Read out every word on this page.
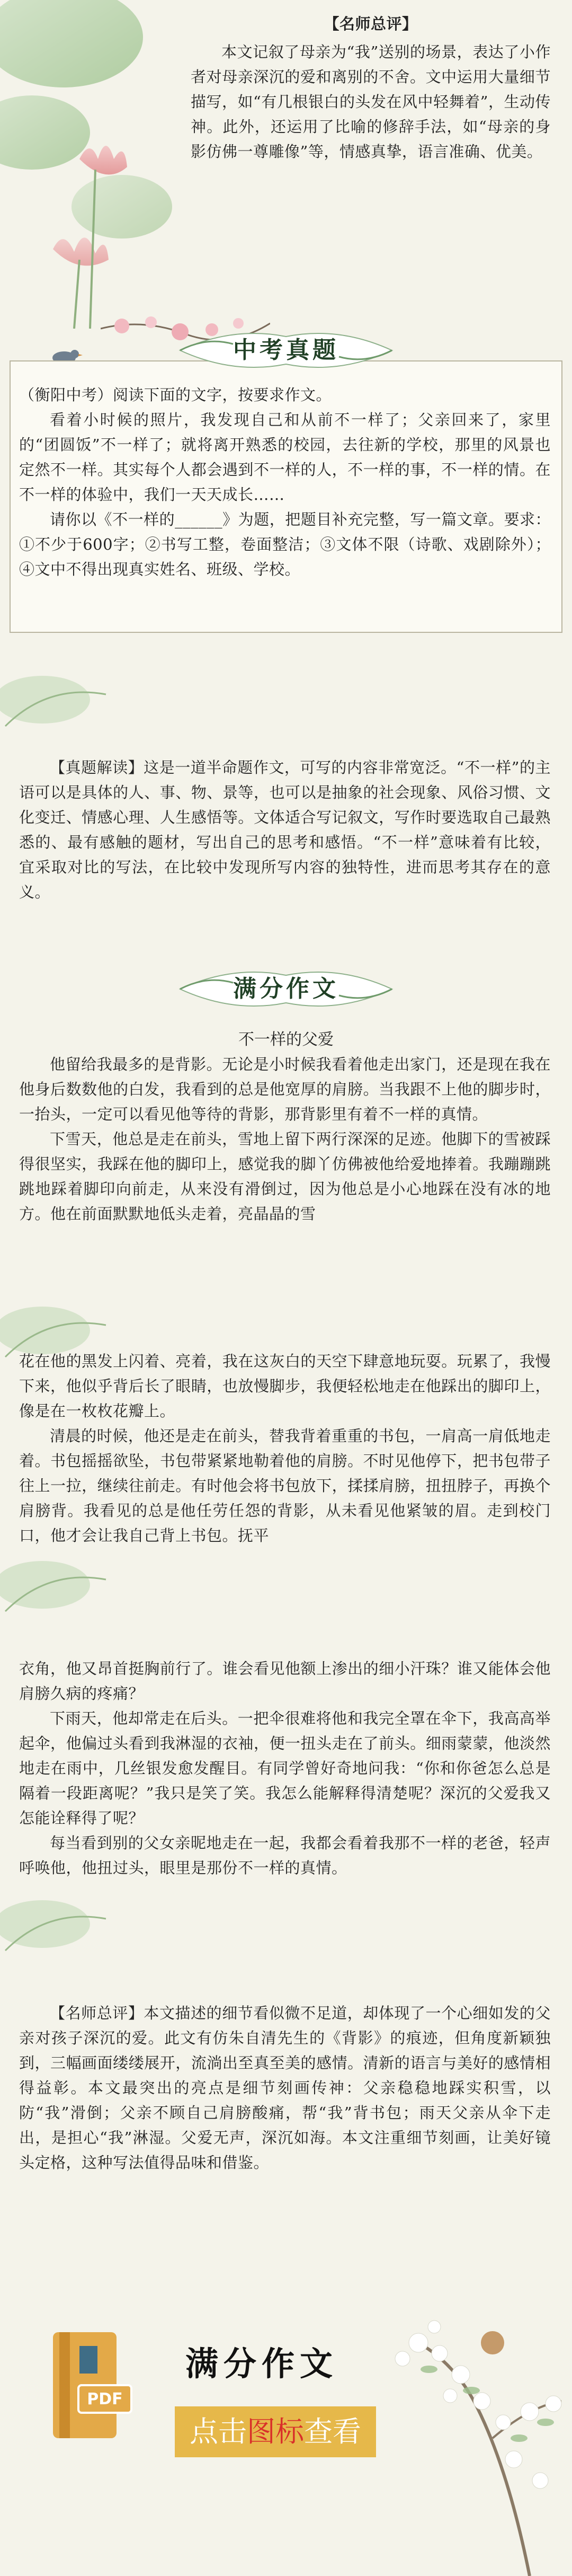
【名师总评】

本文记叙了母亲为“我”送别的场景，表达了小作者对母亲深沉的爱和离别的不舍。文中运用大量细节描写，如“有几根银白的头发在风中轻舞着”，生动传神。此外，还运用了比喻的修辞手法，如“母亲的身影仿佛一尊雕像”等，情感真挚，语言准确、优美。

中考真题

（衡阳中考）阅读下面的文字，按要求作文。

看着小时候的照片，我发现自己和从前不一样了；父亲回来了，家里的“团圆饭”不一样了；就将离开熟悉的校园，去往新的学校，那里的风景也定然不一样。其实每个人都会遇到不一样的人，不一样的事，不一样的情。在不一样的体验中，我们一天天成长……

请你以《不一样的______》为题，把题目补充完整，写一篇文章。要求：①不少于600字；②书写工整，卷面整洁；③文体不限（诗歌、戏剧除外）；④文中不得出现真实姓名、班级、学校。

【真题解读】这是一道半命题作文，可写的内容非常宽泛。“不一样”的主语可以是具体的人、事、物、景等，也可以是抽象的社会现象、风俗习惯、文化变迁、情感心理、人生感悟等。文体适合写记叙文，写作时要选取自己最熟悉的、最有感触的题材，写出自己的思考和感悟。“不一样”意味着有比较，宜采取对比的写法，在比较中发现所写内容的独特性，进而思考其存在的意义。

满分作文
不一样的父爱

他留给我最多的是背影。无论是小时候我看着他走出家门，还是现在我在他身后数数他的白发，我看到的总是他宽厚的肩膀。当我跟不上他的脚步时，一抬头，一定可以看见他等待的背影，那背影里有着不一样的真情。

下雪天，他总是走在前头，雪地上留下两行深深的足迹。他脚下的雪被踩得很坚实，我踩在他的脚印上，感觉我的脚丫仿佛被他给爱地捧着。我蹦蹦跳跳地踩着脚印向前走，从来没有滑倒过，因为他总是小心地踩在没有冰的地方。他在前面默默地低头走着，亮晶晶的雪

花在他的黑发上闪着、亮着，我在这灰白的天空下肆意地玩耍。玩累了，我慢下来，他似乎背后长了眼睛，也放慢脚步，我便轻松地走在他踩出的脚印上，像是在一枚枚花瓣上。

清晨的时候，他还是走在前头，替我背着重重的书包，一肩高一肩低地走着。书包摇摇欲坠，书包带紧紧地勒着他的肩膀。不时见他停下，把书包带子往上一拉，继续往前走。有时他会将书包放下，揉揉肩膀，扭扭脖子，再换个肩膀背。我看见的总是他任劳任怨的背影，从未看见他紧皱的眉。走到校门口，他才会让我自己背上书包。抚平

衣角，他又昂首挺胸前行了。谁会看见他额上渗出的细小汗珠？谁又能体会他肩膀久病的疼痛？

下雨天，他却常走在后头。一把伞很难将他和我完全罩在伞下，我高高举起伞，他偏过头看到我淋湿的衣袖，便一扭头走在了前头。细雨蒙蒙，他淡然地走在雨中，几丝银发愈发醒目。有同学曾好奇地问我：“你和你爸怎么总是隔着一段距离呢？”我只是笑了笑。我怎么能解释得清楚呢？深沉的父爱我又怎能诠释得了呢？

每当看到别的父女亲昵地走在一起，我都会看着我那不一样的老爸，轻声呼唤他，他扭过头，眼里是那份不一样的真情。

【名师总评】本文描述的细节看似微不足道，却体现了一个心细如发的父亲对孩子深沉的爱。此文有仿朱自清先生的《背影》的痕迹，但角度新颖独到，三幅画面缕缕展开，流淌出至真至美的感情。清新的语言与美好的感情相得益彰。本文最突出的亮点是细节刻画传神：父亲稳稳地踩实积雪，以防“我”滑倒；父亲不顾自己肩膀酸痛，帮“我”背书包；雨天父亲从伞下走出，是担心“我”淋湿。父爱无声，深沉如海。本文注重细节刻画，让美好镜头定格，这种写法值得品味和借鉴。

PDF
满分作文
点击图标查看
